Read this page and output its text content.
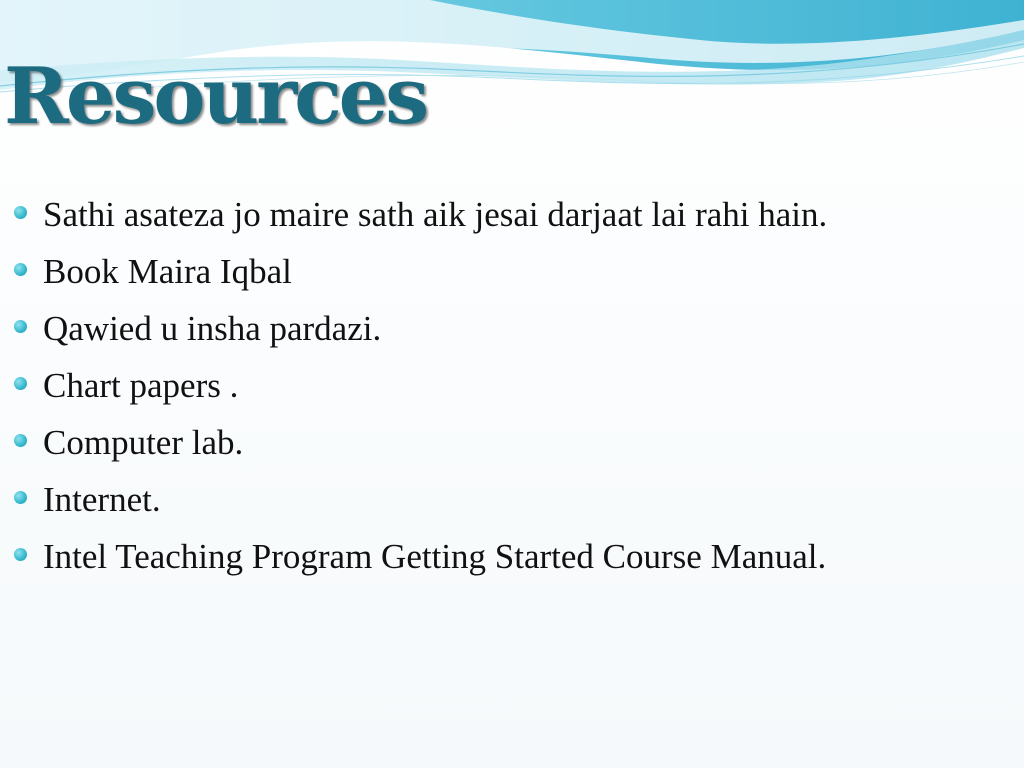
Resources
Sathi asateza jo maire sath aik jesai darjaat lai rahi hain.
Book Maira Iqbal
Qawied u insha pardazi.
Chart papers .
Computer lab.
Internet.
Intel Teaching Program Getting Started Course Manual.
